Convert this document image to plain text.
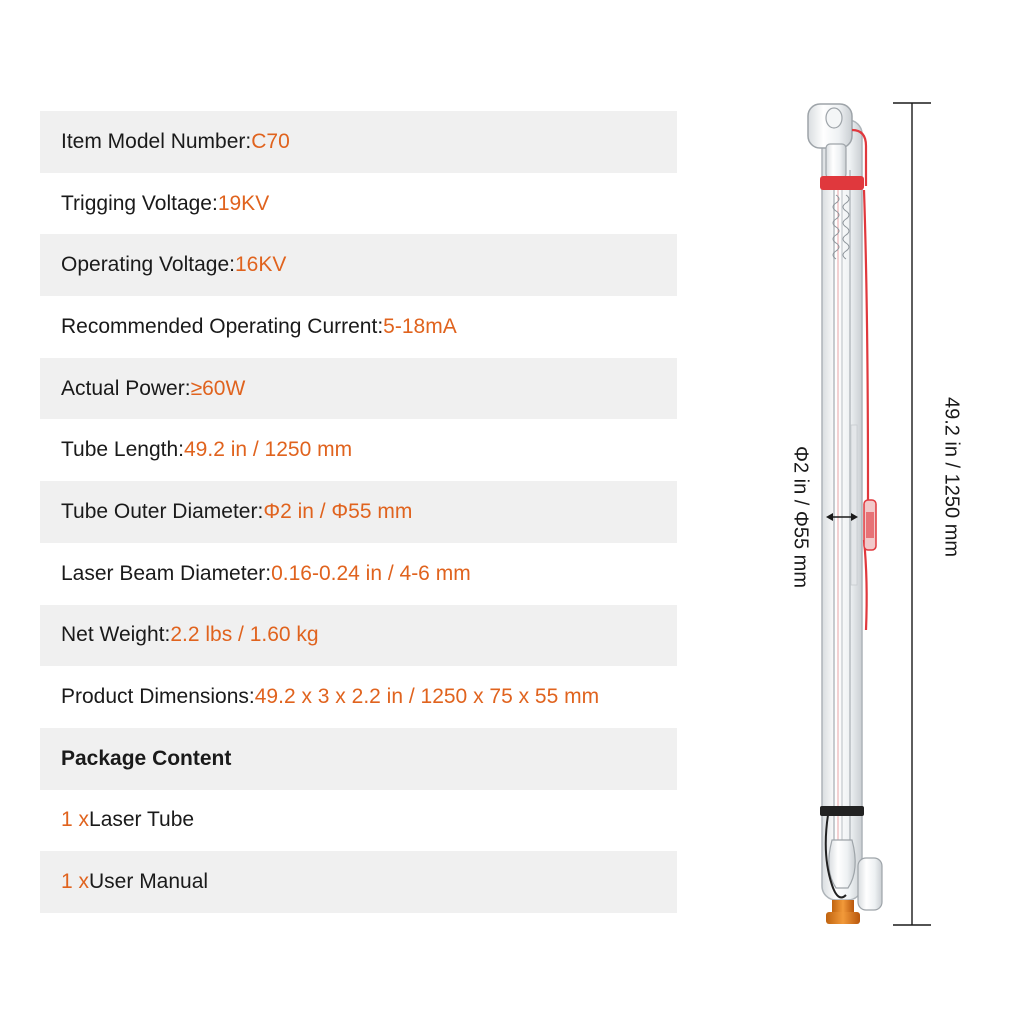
Item Model Number: C70
Trigging Voltage: 19KV
Operating Voltage: 16KV
Recommended Operating Current: 5-18mA
Actual Power: ≥60W
Tube Length: 49.2 in / 1250 mm
Tube Outer Diameter: Φ2 in / Φ55 mm
Laser Beam Diameter: 0.16-0.24 in / 4-6 mm
Net Weight: 2.2 lbs / 1.60 kg
Product Dimensions: 49.2 x 3 x 2.2 in / 1250 x 75 x 55 mm
Package Content
1 x Laser Tube
1 x User Manual
49.2 in / 1250 mm
Φ2 in / Φ55 mm
